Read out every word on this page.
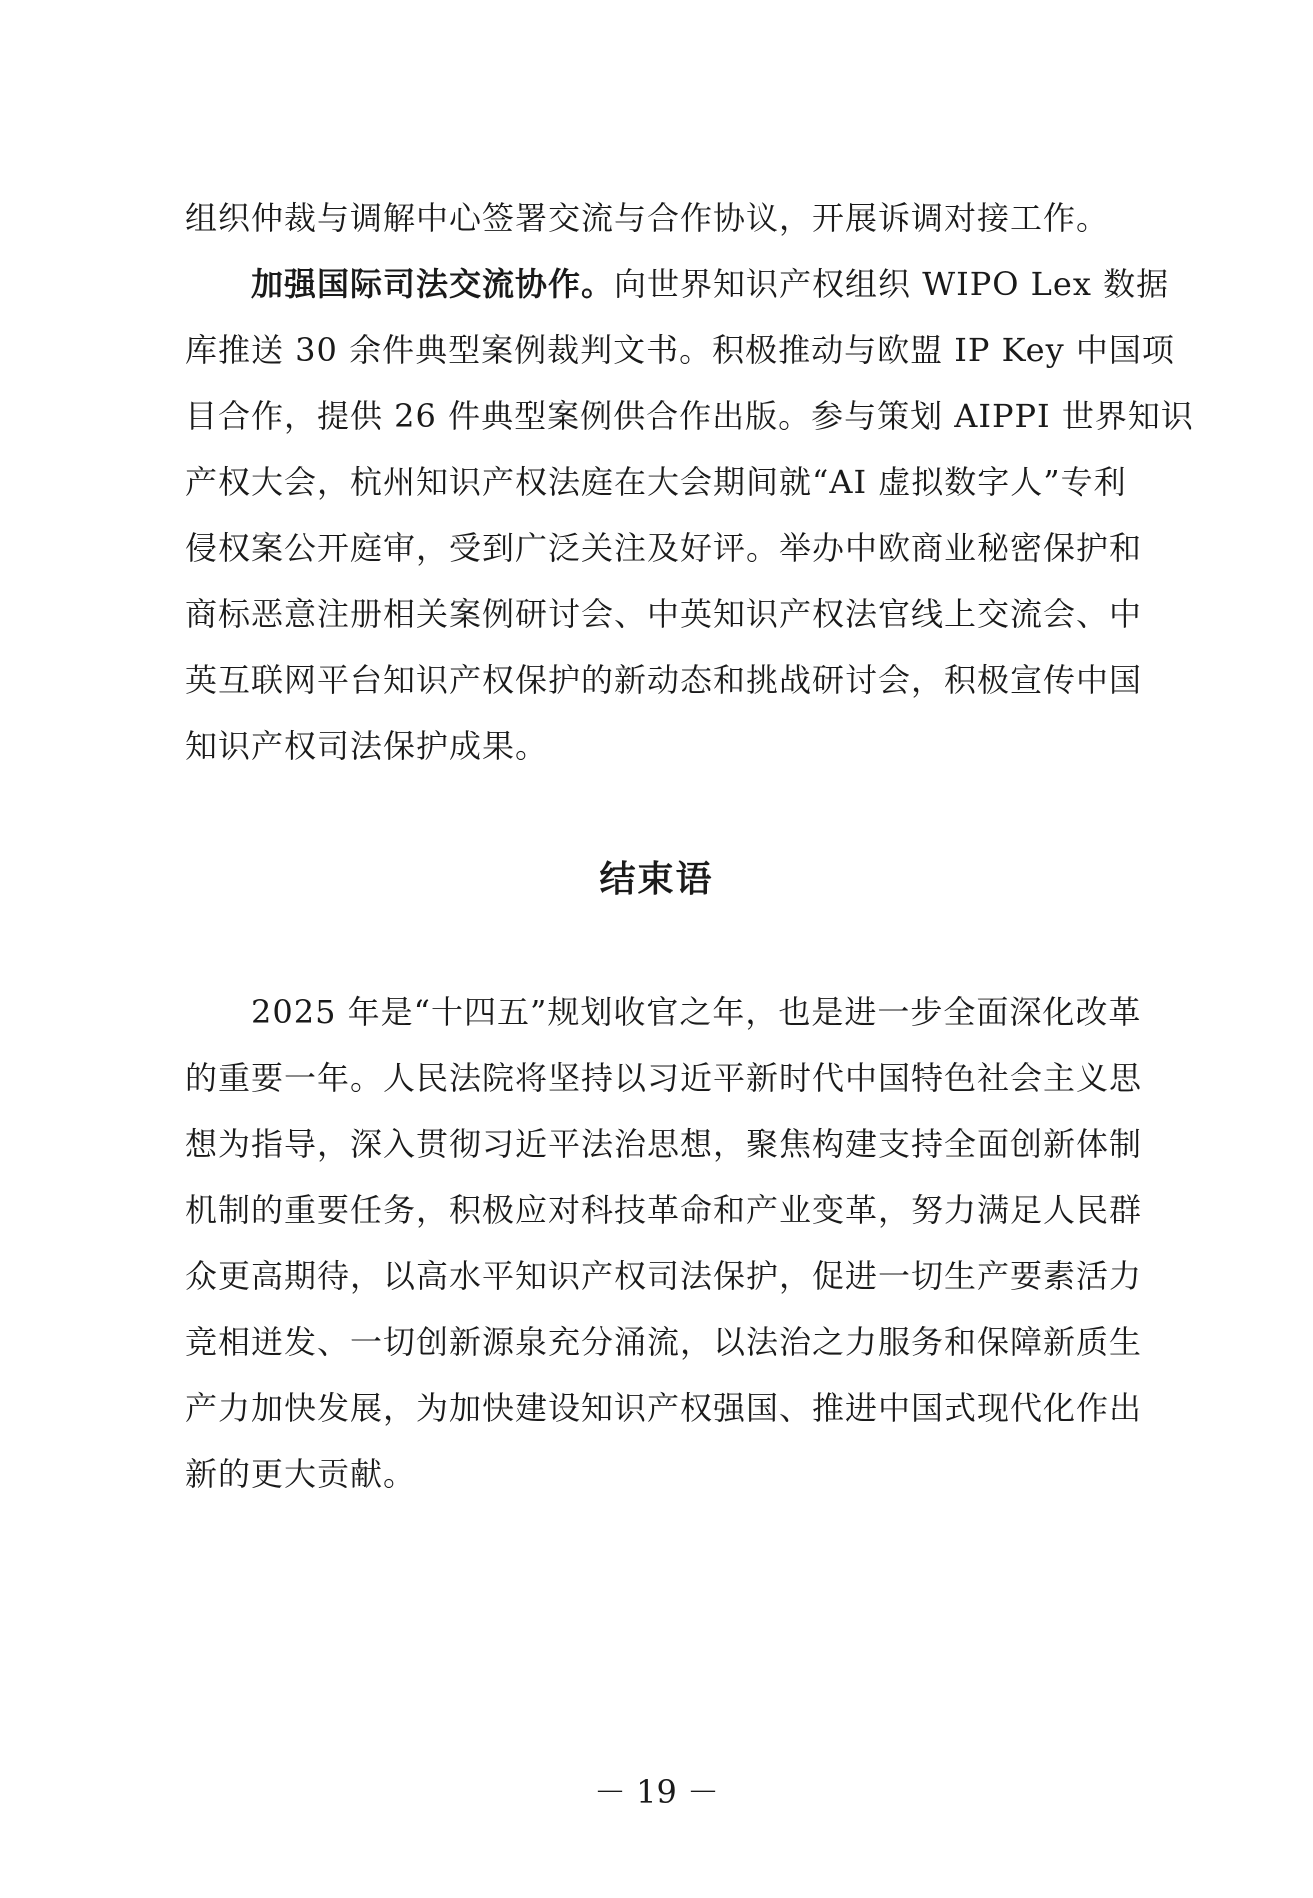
组织仲裁与调解中心签署交流与合作协议，开展诉调对接工作。
加强国际司法交流协作。向世界知识产权组织 WIPO Lex 数据
库推送 30 余件典型案例裁判文书。积极推动与欧盟 IP Key 中国项
目合作，提供 26 件典型案例供合作出版。参与策划 AIPPI 世界知识
产权大会，杭州知识产权法庭在大会期间就“AI 虚拟数字人”专利
侵权案公开庭审，受到广泛关注及好评。举办中欧商业秘密保护和
商标恶意注册相关案例研讨会、中英知识产权法官线上交流会、中
英互联网平台知识产权保护的新动态和挑战研讨会，积极宣传中国
知识产权司法保护成果。
结束语
2025 年是“十四五”规划收官之年，也是进一步全面深化改革
的重要一年。人民法院将坚持以习近平新时代中国特色社会主义思
想为指导，深入贯彻习近平法治思想，聚焦构建支持全面创新体制
机制的重要任务，积极应对科技革命和产业变革，努力满足人民群
众更高期待，以高水平知识产权司法保护，促进一切生产要素活力
竞相迸发、一切创新源泉充分涌流，以法治之力服务和保障新质生
产力加快发展，为加快建设知识产权强国、推进中国式现代化作出
新的更大贡献。
－ 19 －
